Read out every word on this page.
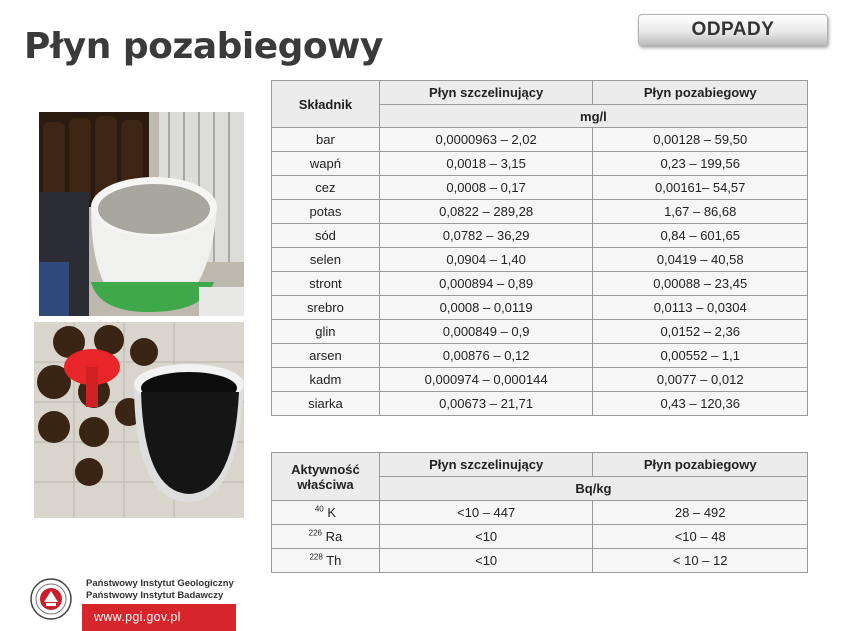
Płyn pozabiegowy	ODPADY
Składnik	Płyn szczelinujący	Płyn pozabiegowy
	mg/l	
bar	0,0000963 – 2,02	0,00128 – 59,50
wapń	0,0018 – 3,15	0,23 – 199,56
cez	0,0008 – 0,17	0,00161– 54,57
potas	0,0822 – 289,28	1,67 – 86,68
sód	0,0782 – 36,29	0,84 – 601,65
selen	0,0904 – 1,40	0,0419 – 40,58
stront	0,000894 – 0,89	0,00088 – 23,45
srebro	0,0008 – 0,0119	0,0113 – 0,0304
glin	0,000849 – 0,9	0,0152 – 2,36
arsen	0,00876 – 0,12	0,00552 – 1,1
kadm	0,000974 – 0,000144	0,0077 – 0,012
siarka	0,00673 – 21,71	0,43 – 120,36
Aktywność
właściwa	Płyn szczelinujący	Płyn pozabiegowy
	Bq/kg	
$^{40}$ K	<10 – 447	28 – 492
$^{226}$ Ra	<10	<10 – 48
$^{228}$ Th	<10	< 10 – 12
Państwowy Instytut Geologiczny
Państwowy Instytut Badawczy
www.pgi.gov.pl
